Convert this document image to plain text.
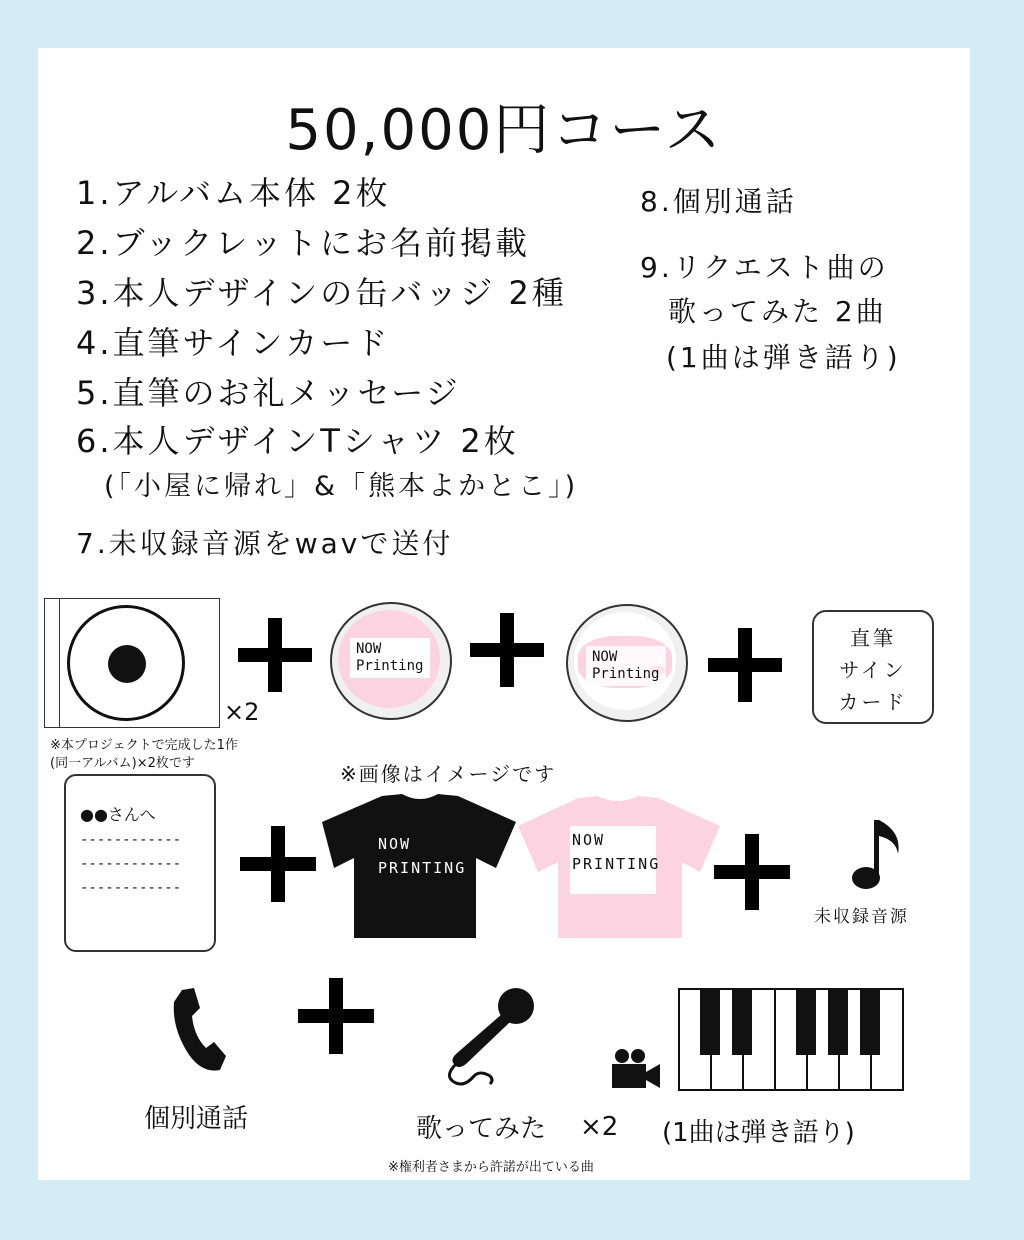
50,000円コース
1.アルバム本体 2枚
2.ブックレットにお名前掲載
3.本人デザインの缶バッジ 2種
4.直筆サインカード
5.直筆のお礼メッセージ
6.本人デザインTシャツ 2枚
(「小屋に帰れ」&「熊本よかとこ」)
7.未収録音源をwavで送付
8.個別通話
9.リクエスト曲の
歌ってみた 2曲
(1曲は弾き語り)
×2
※本プロジェクトで完成した1作
(同一アルバム)×2枚です
NOW Printing
NOW Printing
直筆
サイン
カード
※画像はイメージです
●●さんへ
------------
------------
------------
NOW
PRINTING
NOW
PRINTING
未収録音源
個別通話	歌ってみた ×2 (1曲は弾き語り)
※権利者さまから許諾が出ている曲
